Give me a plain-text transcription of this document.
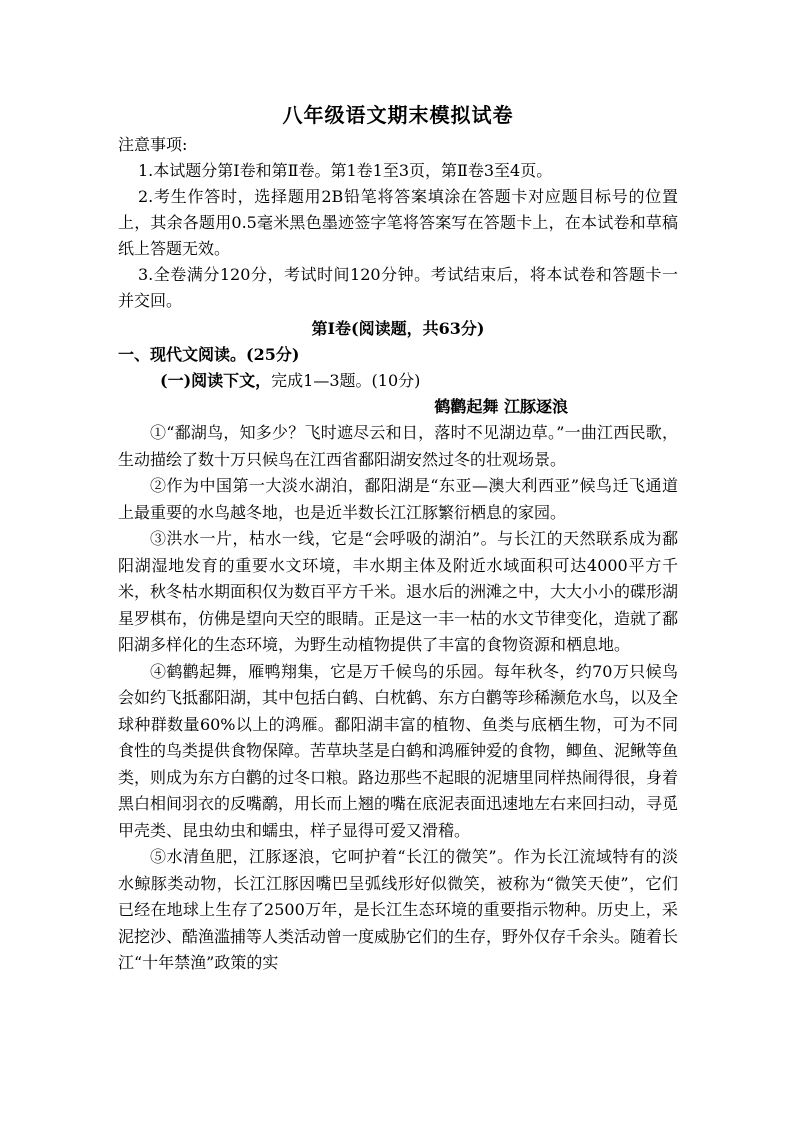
八年级语文期末模拟试卷

注意事项:

1.本试题分第Ⅰ卷和第Ⅱ卷。第1卷1至3页，第Ⅱ卷3至4页。

2.考生作答时，选择题用2B铅笔将答案填涂在答题卡对应题目标号的位置上，其余各题用0.5毫米黑色墨迹签字笔将答案写在答题卡上，在本试卷和草稿纸上答题无效。

3.全卷满分120分，考试时间120分钟。考试结束后，将本试卷和答题卡一并交回。

第Ⅰ卷(阅读题，共63分)

一、现代文阅读。(25分)

(一)阅读下文，完成1—3题。(10分)

鹤鹳起舞 江豚逐浪

①“鄱湖鸟，知多少？飞时遮尽云和日，落时不见湖边草。”一曲江西民歌，生动描绘了数十万只候鸟在江西省鄱阳湖安然过冬的壮观场景。

②作为中国第一大淡水湖泊，鄱阳湖是“东亚—澳大利西亚”候鸟迁飞通道上最重要的水鸟越冬地，也是近半数长江江豚繁衍栖息的家园。

③洪水一片，枯水一线，它是“会呼吸的湖泊”。与长江的天然联系成为鄱阳湖湿地发育的重要水文环境，丰水期主体及附近水域面积可达4000平方千米，秋冬枯水期面积仅为数百平方千米。退水后的洲滩之中，大大小小的碟形湖星罗棋布，仿佛是望向天空的眼睛。正是这一丰一枯的水文节律变化，造就了鄱阳湖多样化的生态环境，为野生动植物提供了丰富的食物资源和栖息地。

④鹤鹳起舞，雁鸭翔集，它是万千候鸟的乐园。每年秋冬，约70万只候鸟会如约飞抵鄱阳湖，其中包括白鹤、白枕鹤、东方白鹳等珍稀濒危水鸟，以及全球种群数量60%以上的鸿雁。鄱阳湖丰富的植物、鱼类与底栖生物，可为不同食性的鸟类提供食物保障。苦草块茎是白鹤和鸿雁钟爱的食物，鲫鱼、泥鳅等鱼类，则成为东方白鹳的过冬口粮。路边那些不起眼的泥塘里同样热闹得很，身着黑白相间羽衣的反嘴鹬，用长而上翘的嘴在底泥表面迅速地左右来回扫动，寻觅甲壳类、昆虫幼虫和蠕虫，样子显得可爱又滑稽。

⑤水清鱼肥，江豚逐浪，它呵护着“长江的微笑”。作为长江流域特有的淡水鲸豚类动物，长江江豚因嘴巴呈弧线形好似微笑，被称为“微笑天使”，它们已经在地球上生存了2500万年，是长江生态环境的重要指示物种。历史上，采泥挖沙、酷渔滥捕等人类活动曾一度威胁它们的生存，野外仅存千余头。随着长江“十年禁渔”政策的实
